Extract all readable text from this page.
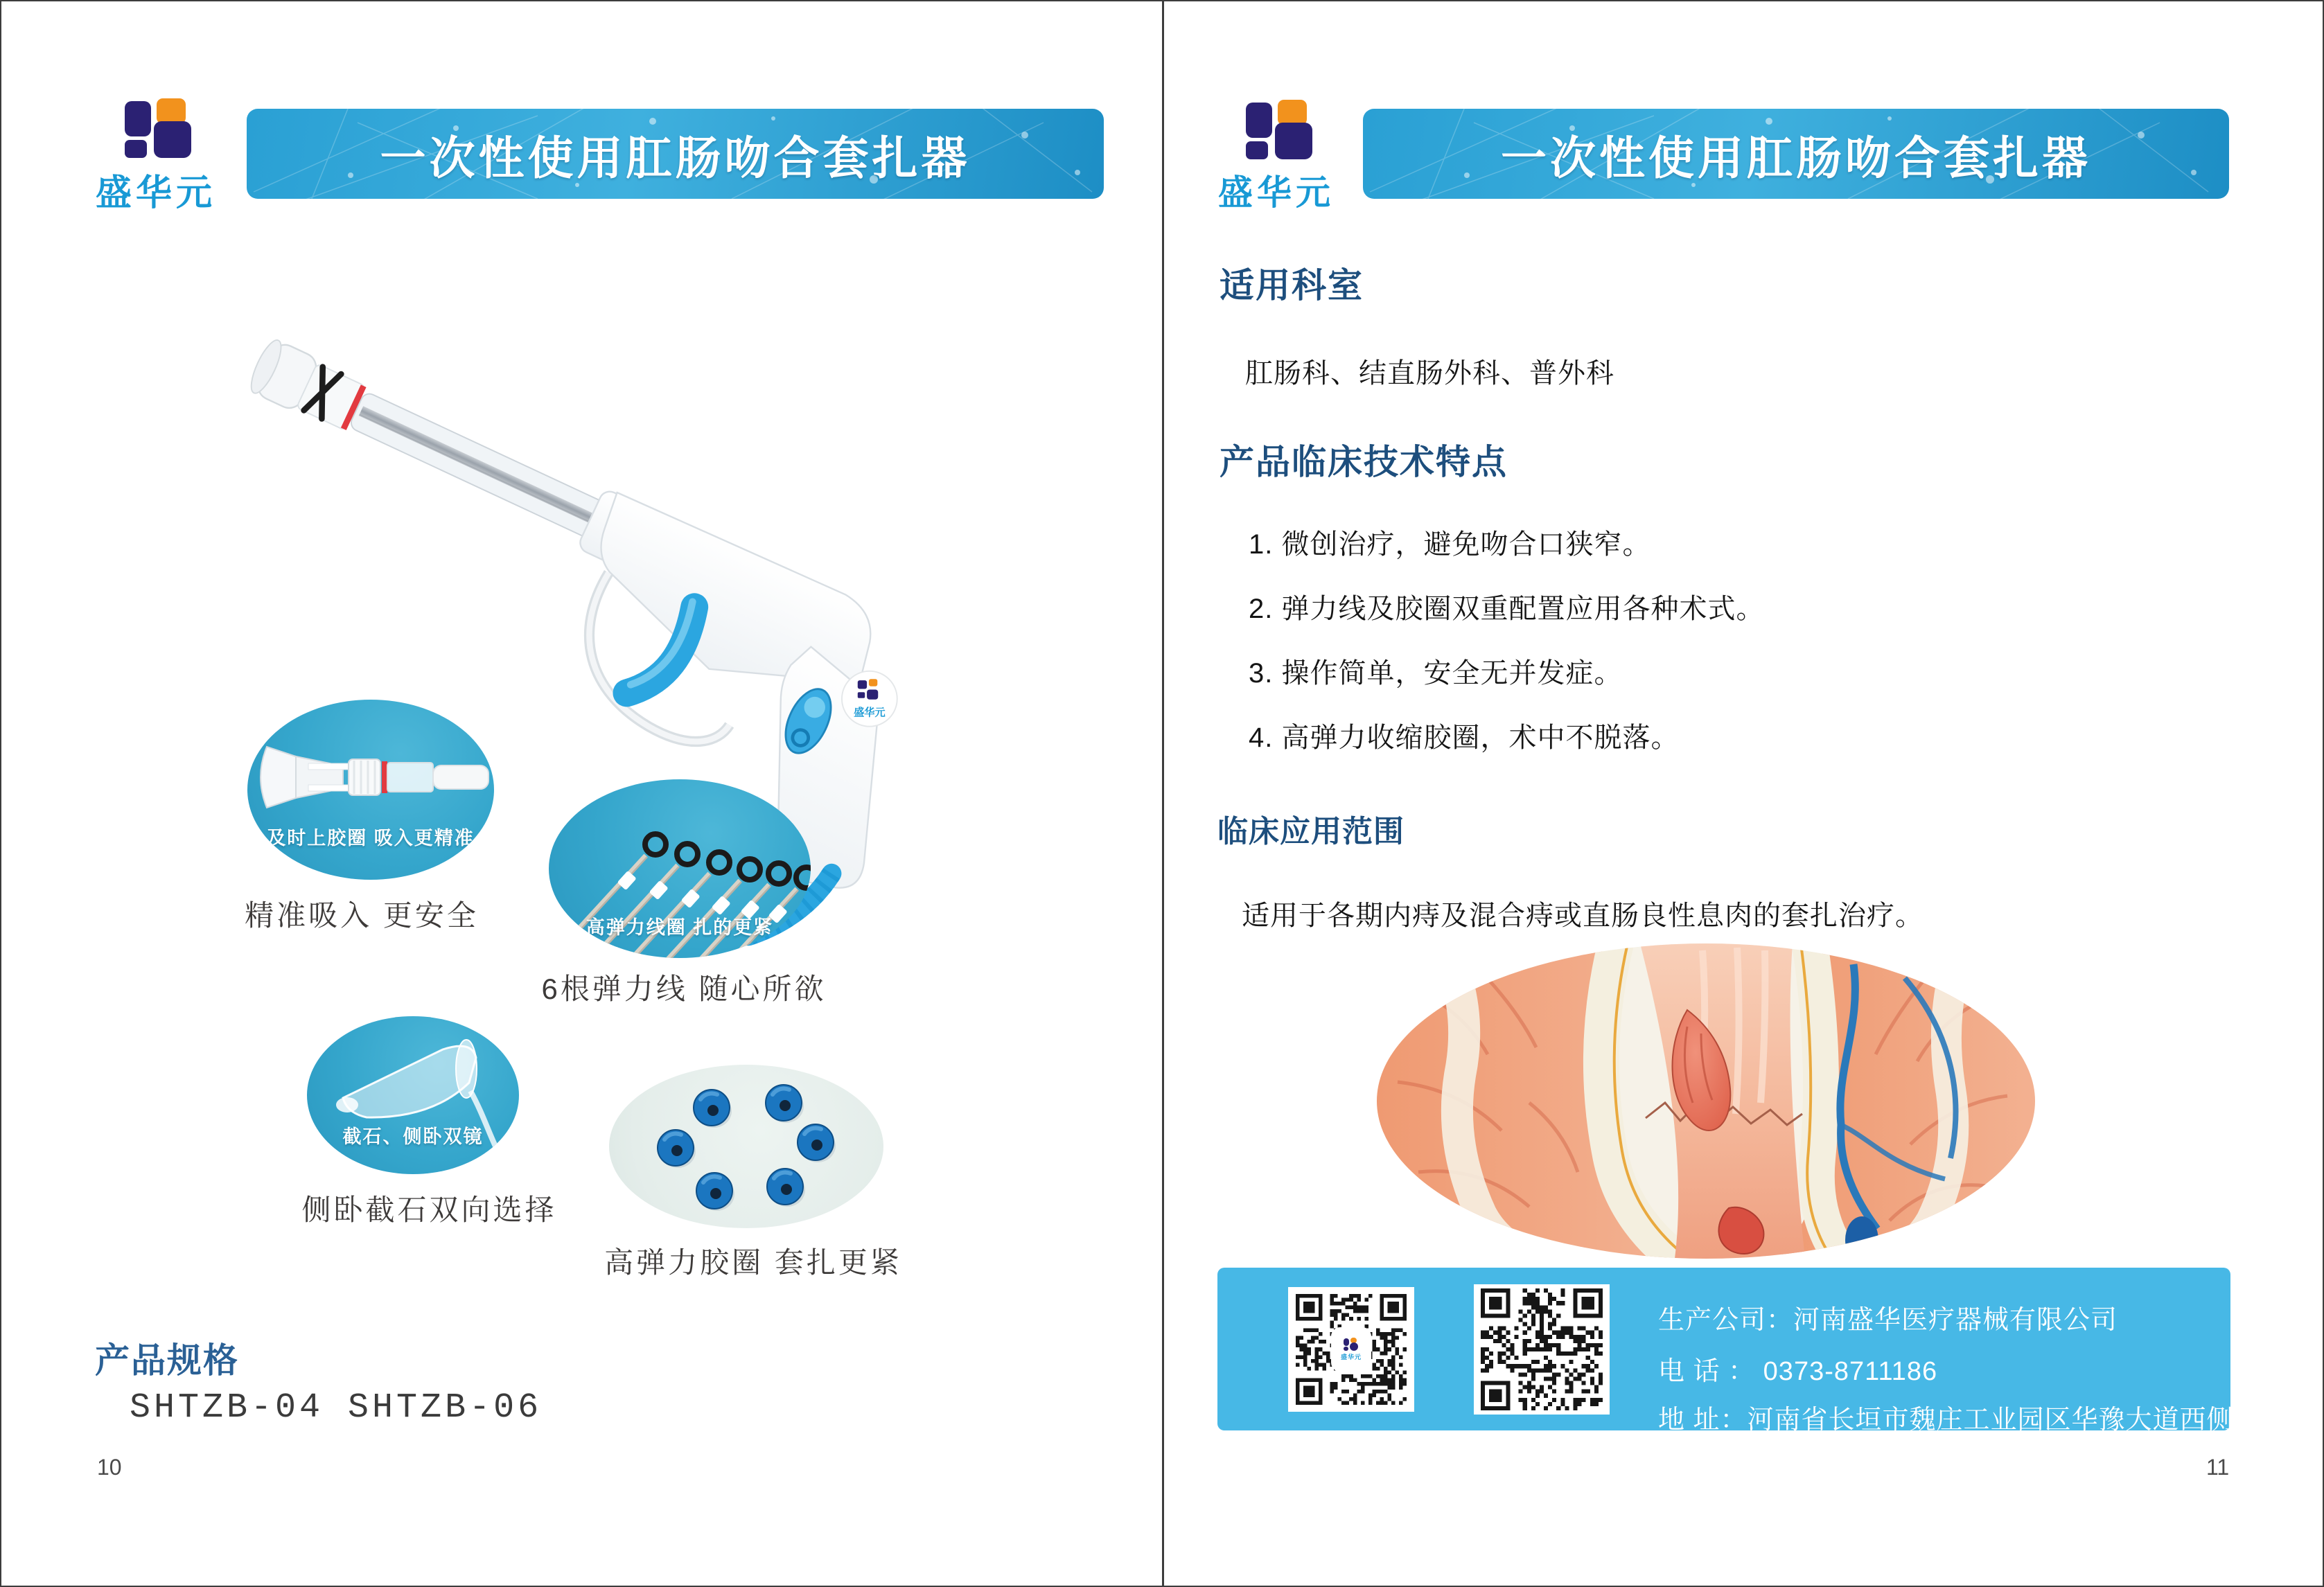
盛华元
一次性使用肛肠吻合套扎器
盛华元
及时上胶圈 吸入更精准
精准吸入 更安全	高弹力线圈 扎的更紧
6根弹力线 随心所欲
截石、侧卧双镜
侧卧截石双向选择
高弹力胶圈 套扎更紧
产品规格
SHTZB-04 SHTZB-06
10
盛华元
一次性使用肛肠吻合套扎器
适用科室
肛肠科、结直肠外科、普外科
产品临床技术特点
1. 微创治疗，避免吻合口狭窄。
2. 弹力线及胶圈双重配置应用各种术式。
3. 操作简单，安全无并发症。
4. 高弹力收缩胶圈，术中不脱落。
临床应用范围
适用于各期内痔及混合痔或直肠良性息肉的套扎治疗。
盛华元
生产公司：河南盛华医疗器械有限公司
电 话 ： 0373-8711186
地 址：河南省长垣市魏庄工业园区华豫大道西侧
11
